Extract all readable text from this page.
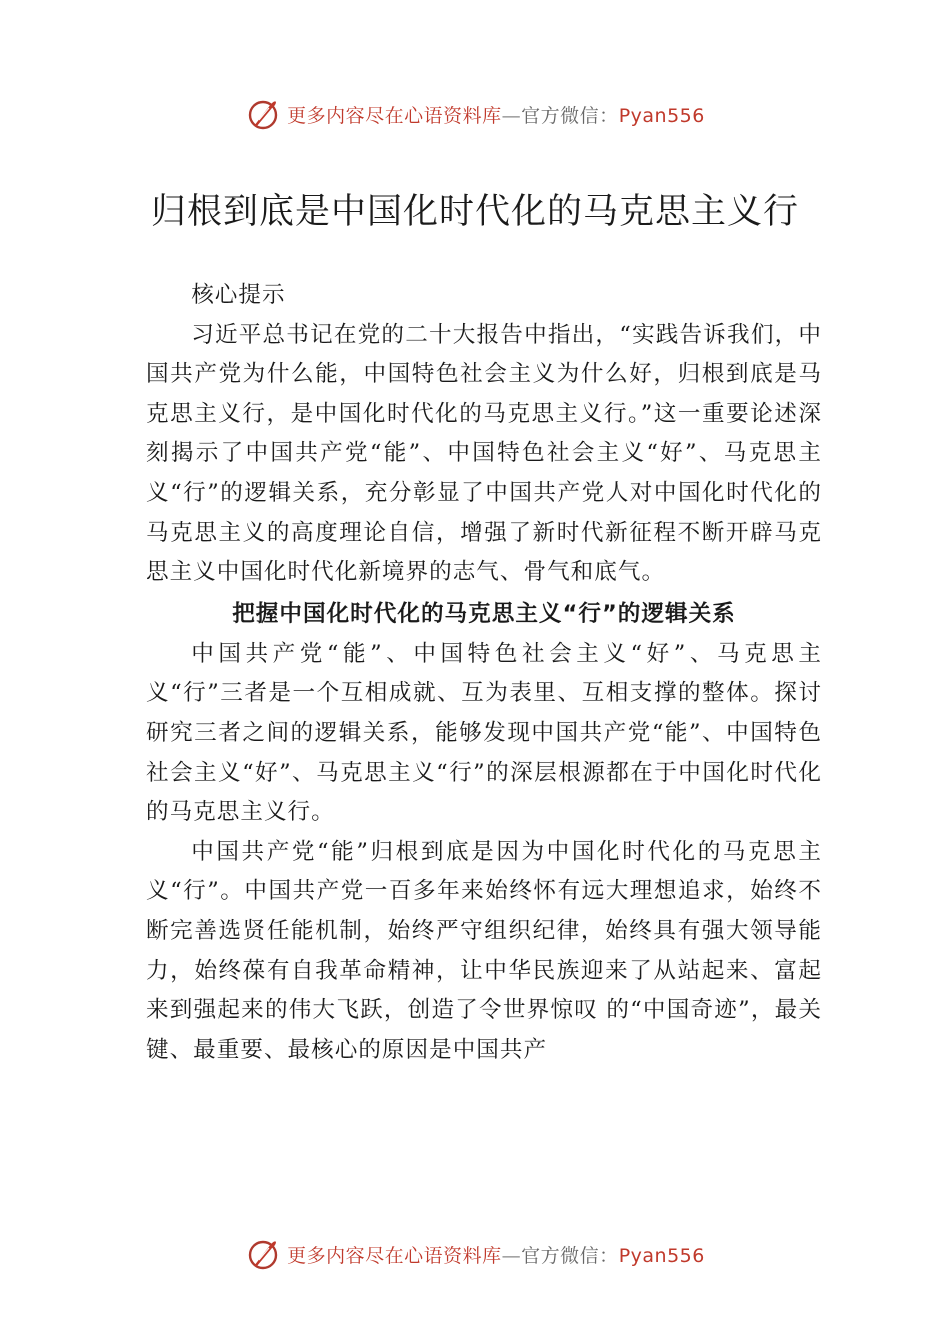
更多内容尽在心语资料库—官方微信：Pyan556
归根到底是中国化时代化的马克思主义行

核心提示

习近平总书记在党的二十大报告中指出，“实践告诉我们，中国共产党为什么能，中国特色社会主义为什么好，归根到底是马克思主义行，是中国化时代化的马克思主义行。”这一重要论述深刻揭示了中国共产党“能”、中国特色社会主义“好”、马克思主义“行”的逻辑关系，充分彰显了中国共产党人对中国化时代化的马克思主义的高度理论自信，增强了新时代新征程不断开辟马克思主义中国化时代化新境界的志气、骨气和底气。

把握中国化时代化的马克思主义“行”的逻辑关系

中国共产党“能”、中国特色社会主义“好”、马克思主义“行”三者是一个互相成就、互为表里、互相支撑的整体。探讨研究三者之间的逻辑关系，能够发现中国共产党“能”、中国特色社会主义“好”、马克思主义“行”的深层根源都在于中国化时代化的马克思主义行。

中国共产党“能”归根到底是因为中国化时代化的马克思主义“行”。中国共产党一百多年来始终怀有远大理想追求，始终不断完善选贤任能机制，始终严守组织纪律，始终具有强大领导能力，始终葆有自我革命精神，让中华民族迎来了从站起来、富起来到强起来的伟大飞跃，创造了令世界惊叹 的“中国奇迹”，最关键、最重要、最核心的原因是中国共产

更多内容尽在心语资料库—官方微信：Pyan556
